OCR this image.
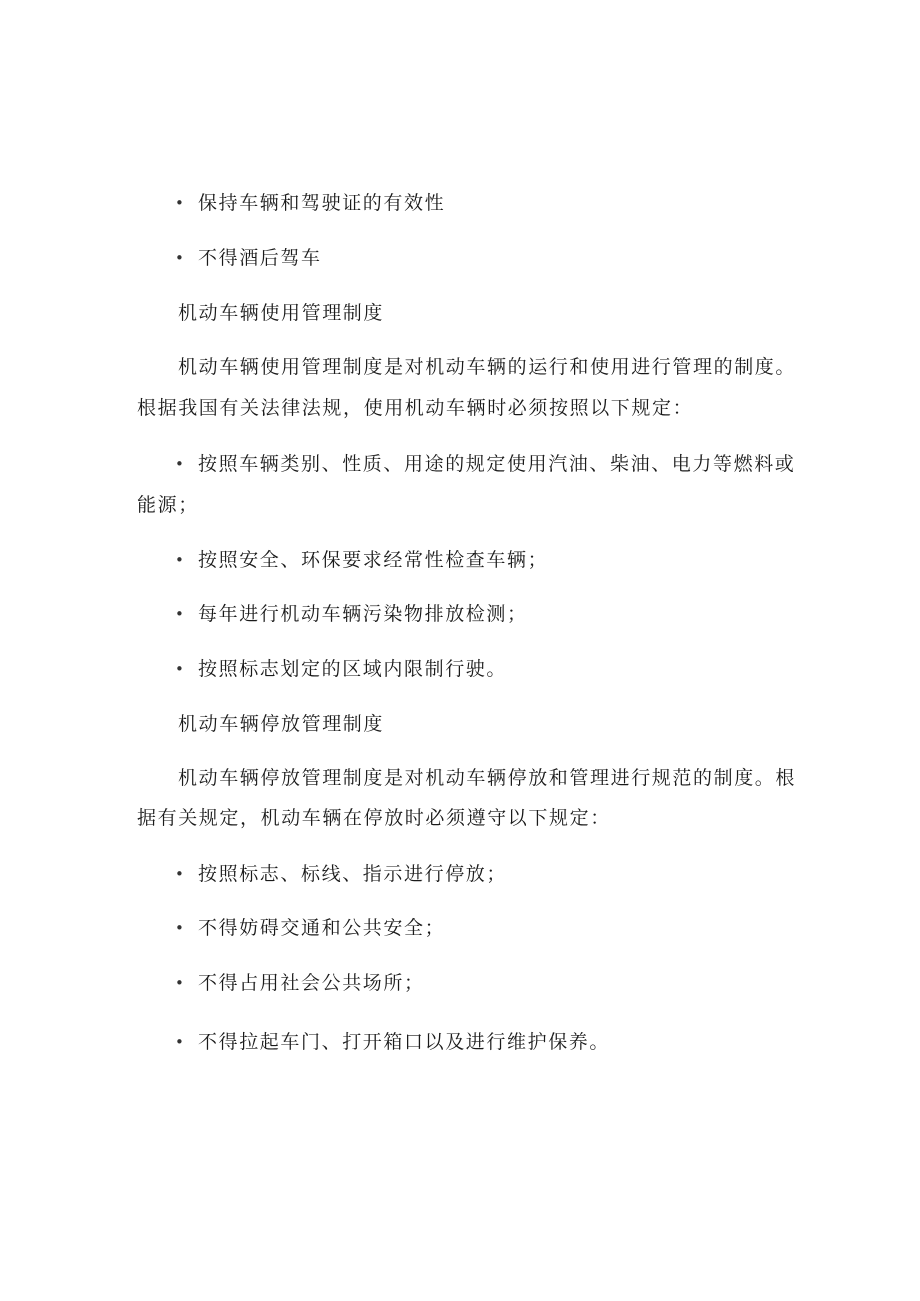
• 保持车辆和驾驶证的有效性
• 不得酒后驾车
机动车辆使用管理制度
机动车辆使用管理制度是对机动车辆的运行和使用进行管理的制度。
根据我国有关法律法规，使用机动车辆时必须按照以下规定：
• 按照车辆类别、性质、用途的规定使用汽油、柴油、电力等燃料或
能源；
• 按照安全、环保要求经常性检查车辆；
• 每年进行机动车辆污染物排放检测；
• 按照标志划定的区域内限制行驶。
机动车辆停放管理制度
机动车辆停放管理制度是对机动车辆停放和管理进行规范的制度。根
据有关规定，机动车辆在停放时必须遵守以下规定：
• 按照标志、标线、指示进行停放；
• 不得妨碍交通和公共安全；
• 不得占用社会公共场所；
• 不得拉起车门、打开箱口以及进行维护保养。
